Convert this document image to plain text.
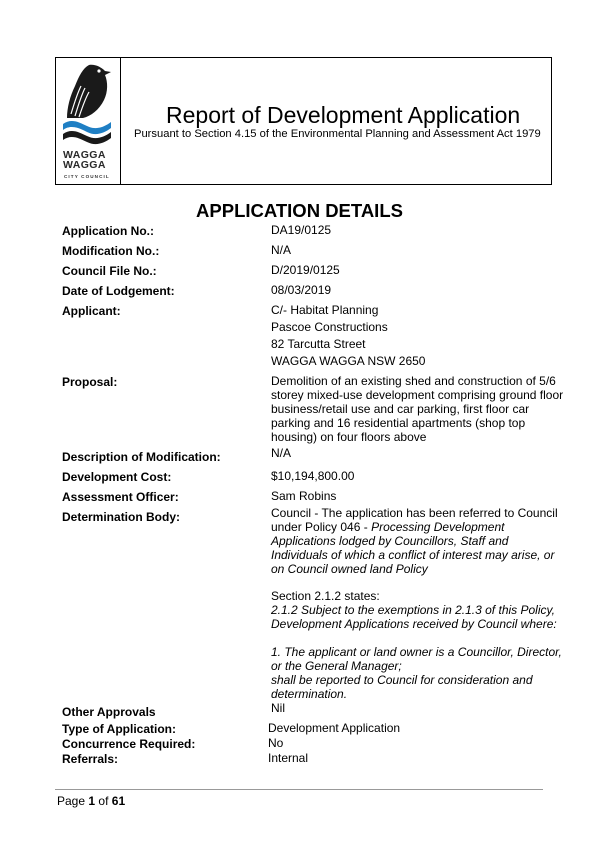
WAGGA
WAGGA
CITY COUNCIL
Report of Development Application
Pursuant to Section 4.15 of the Environmental Planning and Assessment Act 1979
APPLICATION DETAILS
Application No.:	DA19/0125
Modification No.:	N/A
Council File No.:	D/2019/0125
Date of Lodgement:	08/03/2019
Applicant:	C/- Habitat Planning
Pascoe Constructions
82 Tarcutta Street
WAGGA WAGGA NSW 2650
Proposal:	Demolition of an existing shed and construction of 5/6
storey mixed-use development comprising ground floor
business/retail use and car parking, first floor car
parking and 16 residential apartments (shop top
housing) on four floors above
Description of Modification:	N/A
Development Cost:	$10,194,800.00
Assessment Officer:	Sam Robins
Determination Body:	Council - The application has been referred to Council
under Policy 046 - Processing Development
Applications lodged by Councillors, Staff and
Individuals of which a conflict of interest may arise, or
on Council owned land Policy
Section 2.1.2 states:
2.1.2 Subject to the exemptions in 2.1.3 of this Policy,
Development Applications received by Council where:
1. The applicant or land owner is a Councillor, Director,
or the General Manager;
shall be reported to Council for consideration and
determination.
Other Approvals	Nil
Type of Application:	Development Application
Concurrence Required:	No
Referrals:	Internal
Page 1 of 61
